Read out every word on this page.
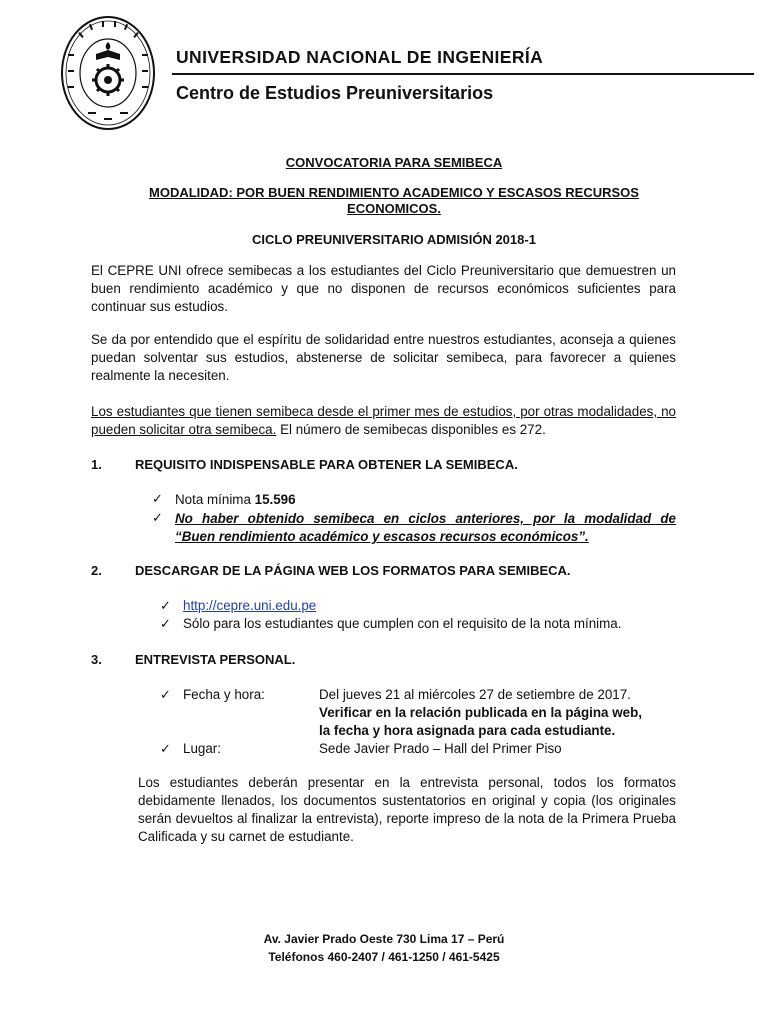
UNIVERSIDAD NACIONAL DE INGENIERÍA
Centro de Estudios Preuniversitarios
CONVOCATORIA PARA SEMIBECA
MODALIDAD: POR BUEN RENDIMIENTO ACADEMICO Y ESCASOS RECURSOS
ECONOMICOS.
CICLO PREUNIVERSITARIO ADMISIÓN 2018-1
El CEPRE UNI ofrece semibecas a los estudiantes del Ciclo Preuniversitario que demuestren un buen rendimiento académico y que no disponen de recursos económicos suficientes para continuar sus estudios.
Se da por entendido que el espíritu de solidaridad entre nuestros estudiantes, aconseja a quienes puedan solventar sus estudios, abstenerse de solicitar semibeca, para favorecer a quienes realmente la necesiten.
Los estudiantes que tienen semibeca desde el primer mes de estudios, por otras modalidades, no pueden solicitar otra semibeca. El número de semibecas disponibles es 272.
1.	REQUISITO INDISPENSABLE PARA OBTENER LA SEMIBECA.
✓ Nota mínima 15.596
✓ No haber obtenido semibeca en ciclos anteriores, por la modalidad de
“Buen rendimiento académico y escasos recursos económicos”.
2.	DESCARGAR DE LA PÁGINA WEB LOS FORMATOS PARA SEMIBECA.
✓ http://cepre.uni.edu.pe
✓ Sólo para los estudiantes que cumplen con el requisito de la nota mínima.
3.	ENTREVISTA PERSONAL.
✓ Fecha y hora:	Del jueves 21 al miércoles 27 de setiembre de 2017.
Verificar en la relación publicada en la página web,
la fecha y hora asignada para cada estudiante.
✓ Lugar:	Sede Javier Prado – Hall del Primer Piso
Los estudiantes deberán presentar en la entrevista personal, todos los formatos debidamente llenados, los documentos sustentatorios en original y copia (los originales serán devueltos al finalizar la entrevista), reporte impreso de la nota de la Primera Prueba Calificada y su carnet de estudiante.
Av. Javier Prado Oeste 730 Lima 17 – Perú
Teléfonos 460-2407 / 461-1250 / 461-5425
